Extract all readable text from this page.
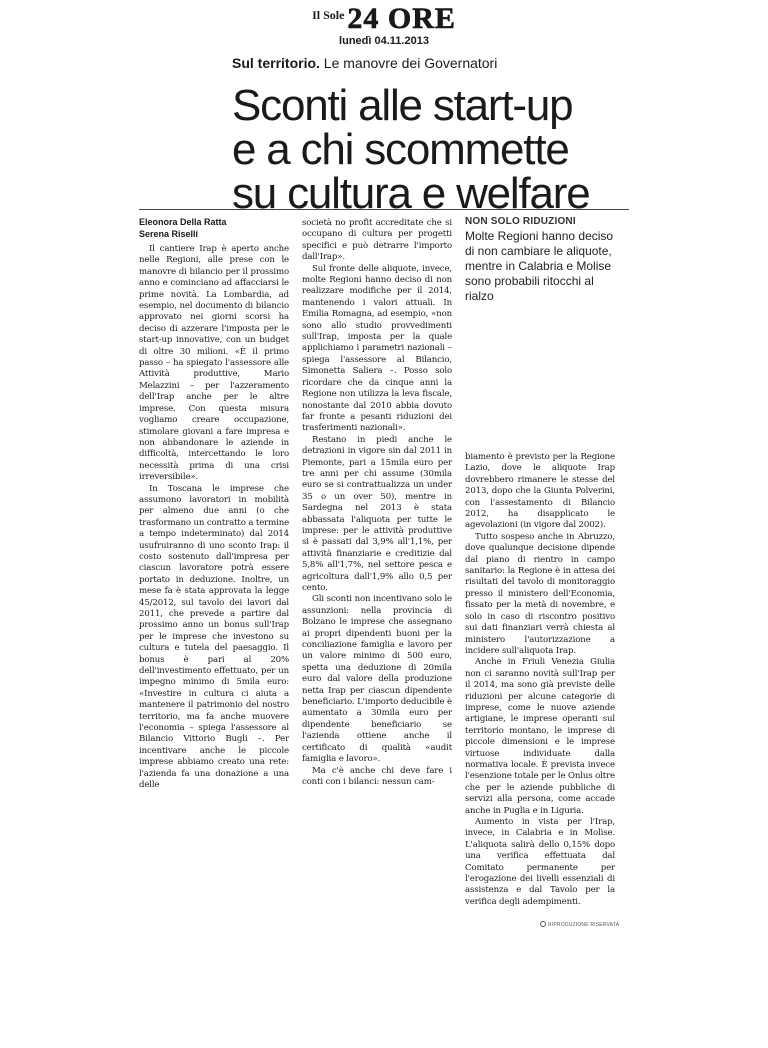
$^{Il Sole}$ 24 ORE
lunedì 04.11.2013
Sul territorio. Le manovre dei Governatori
Sconti alle start-up
e a chi scommette
su cultura e welfare
Eleonora Della Ratta
Serena Riselli

Il cantiere Irap è aperto anche nelle Regioni, alle prese con le manovre di bilancio per il prossimo anno e cominciano ad affacciarsi le prime novità. La Lombardia, ad esempio, nel documento di bilancio approvato nei giorni scorsi ha deciso di azzerare l'imposta per le start-up innovative, con un budget di oltre 30 milioni. «È il primo passo – ha spiegato l'assessore alle Attività produttive, Mario Melazzini – per l'azzeramento dell'Irap anche per le altre imprese. Con questa misura vogliamo creare occupazione, stimolare giovani a fare impresa e non abbandonare le aziende in difficoltà, intercettando le loro necessità prima di una crisi irreversibile».

In Toscana le imprese che assumono lavoratori in mobilità per almeno due anni (o che trasformano un contratto a termine a tempo indeterminato) dal 2014 usufruiranno di uno sconto Irap: il costo sostenuto dall'impresa per ciascun lavoratore potrà essere portato in deduzione. Inoltre, un mese fa è stata approvata la legge 45/2012, sul tavolo dei lavori dal 2011, che prevede a partire dal prossimo anno un bonus sull'Irap per le imprese che investono su cultura e tutela del paesaggio. Il bonus è pari al 20% dell'investimento effettuato, per un impegno minimo di 5mila euro: «Investire in cultura ci aiuta a mantenere il patrimonio del nostro territorio, ma fa anche muovere l'economia – spiega l'assessore al Bilancio Vittorio Bugli –. Per incentivare anche le piccole imprese abbiamo creato una rete: l'azienda fa una donazione a una delle

società no profit accreditate che si occupano di cultura per progetti specifici e può detrarre l'importo dall'Irap».

Sul fronte delle aliquote, invece, molte Regioni hanno deciso di non realizzare modifiche per il 2014, mantenendo i valori attuali. In Emilia Romagna, ad esempio, «non sono allo studio provvedimenti sull'Irap, imposta per la quale applichiamo i parametri nazionali – spiega l'assessore al Bilancio, Simonetta Saliera –. Posso solo ricordare che da cinque anni la Regione non utilizza la leva fiscale, nonostante dal 2010 abbia dovuto far fronte a pesanti riduzioni dei trasferimenti nazionali».

Restano in piedi anche le detrazioni in vigore sin dal 2011 in Piemonte, pari a 15mila euro per tre anni per chi assume (30mila euro se si contrattualizza un under 35 o un over 50), mentre in Sardegna nel 2013 è stata abbassata l'aliquota per tutte le imprese: per le attività produttive si è passati dal 3,9% all'1,1%, per attività finanziarie e creditizie dal 5,8% all'1,7%, nel settore pesca e agricoltura dall'1,9% allo 0,5 per cento.

Gli sconti non incentivano solo le assunzioni: nella provincia di Bolzano le imprese che assegnano ai propri dipendenti buoni per la conciliazione famiglia e lavoro per un valore minimo di 500 euro, spetta una deduzione di 20mila euro dal valore della produzione netta Irap per ciascun dipendente beneficiario. L'importo deducibile è aumentato a 30mila euro per dipendente beneficiario se l'azienda ottiene anche il certificato di qualità «audit famiglia e lavoro».

Ma c'è anche chi deve fare i conti con i bilanci: nessun cam-

NON SOLO RIDUZIONI
Molte Regioni hanno deciso di non cambiare le aliquote, mentre in Calabria e Molise sono probabili ritocchi al rialzo

biamento è previsto per la Regione Lazio, dove le aliquote Irap dovrebbero rimanere le stesse del 2013, dopo che la Giunta Polverini, con l'assestamento di Bilancio 2012, ha disapplicato le agevolazioni (in vigore dal 2002).

Tutto sospeso anche in Abruzzo, dove qualunque decisione dipende dal piano di rientro in campo sanitario: la Regione è in attesa dei risultati del tavolo di monitoraggio presso il ministero dell'Economia, fissato per la metà di novembre, e solo in caso di riscontro positivo sui dati finanziari verrà chiesta al ministero l'autorizzazione a incidere sull'aliquota Irap.

Anche in Friuli Venezia Giulia non ci saranno novità sull'Irap per il 2014, ma sono già previste delle riduzioni per alcune categorie di imprese, come le nuove aziende artigiane, le imprese operanti sul territorio montano, le imprese di piccole dimensioni e le imprese virtuose individuate dalla normativa locale. È prevista invece l'esenzione totale per le Onlus oltre che per le aziende pubbliche di servizi alla persona, come accade anche in Puglia e in Liguria.

Aumento in vista per l'Irap, invece, in Calabria e in Molise. L'aliquota salirà dello 0,15% dopo una verifica effettuata dal Comitato permanente per l'erogazione dei livelli essenziali di assistenza e dal Tavolo per la verifica degli adempimenti.

RIPRODUZIONE RISERVATA
